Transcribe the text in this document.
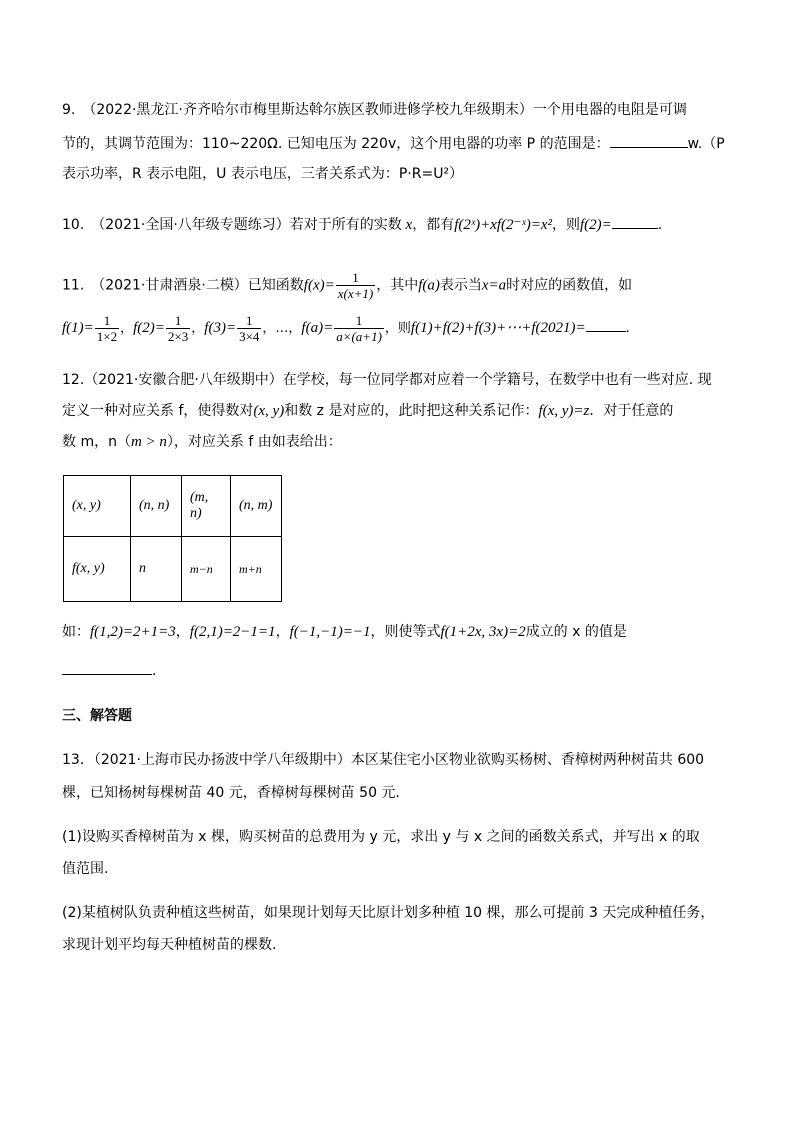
9.　（2022·黑龙江·齐齐哈尔市梅里斯达斡尔族区教师进修学校九年级期末）一个用电器的电阻是可调
节的，其调节范围为：110~220Ω. 已知电压为 220v，这个用电器的功率 P 的范围是：	w.（P
表示功率，R 表示电阻，U 表示电压，三者关系式为：P·R=U²）
10.　（2021·全国·八年级专题练习）若对于所有的实数 x，都有f(2ˣ)+xf(2⁻ˣ)=x²，则f(2)=	.
11.　（2021·甘肃酒泉·二模）已知函数$f(x)= \frac{1}{x(x+1)}$ ，其中f(a)表示当x=a时对应的函数值，如
$f(1)= \frac{1}{1\times 2}$ ，$f(2)= \frac{1}{2\times 3}$ ，$f(3)= \frac{1}{3\times 4}$ ，…，$f(a)= \frac{1}{a\times(a+1)}$ ，则f(1)+f(2)+f(3)+⋯+f(2021)=	.
12.（2021·安徽合肥·八年级期中）在学校，每一位同学都对应着一个学籍号，在数学中也有一些对应. 现
定义一种对应关系 f，使得数对(x, y)和数 z 是对应的，此时把这种关系记作：f(x, y)=z．对于任意的
数 m，n（m > n），对应关系 f 由如表给出：
(x, y)	(n, n)	(m, n)	(n, m)
f(x, y)	n	m−n	m+n
如：f(1,2)=2+1=3，f(2,1)=2−1=1，f(−1,−1)=−1，则使等式f(1+2x, 3x)=2成立的 x 的值是
.
三、解答题
13．（2021·上海市民办扬波中学八年级期中）本区某住宅小区物业欲购买杨树、香樟树两种树苗共 600
棵，已知杨树每棵树苗 40 元，香樟树每棵树苗 50 元.
(1)设购买香樟树苗为 x 棵，购买树苗的总费用为 y 元，求出 y 与 x 之间的函数关系式，并写出 x 的取
值范围.
(2)某植树队负责种植这些树苗，如果现计划每天比原计划多种植 10 棵，那么可提前 3 天完成种植任务，
求现计划平均每天种植树苗的棵数.
